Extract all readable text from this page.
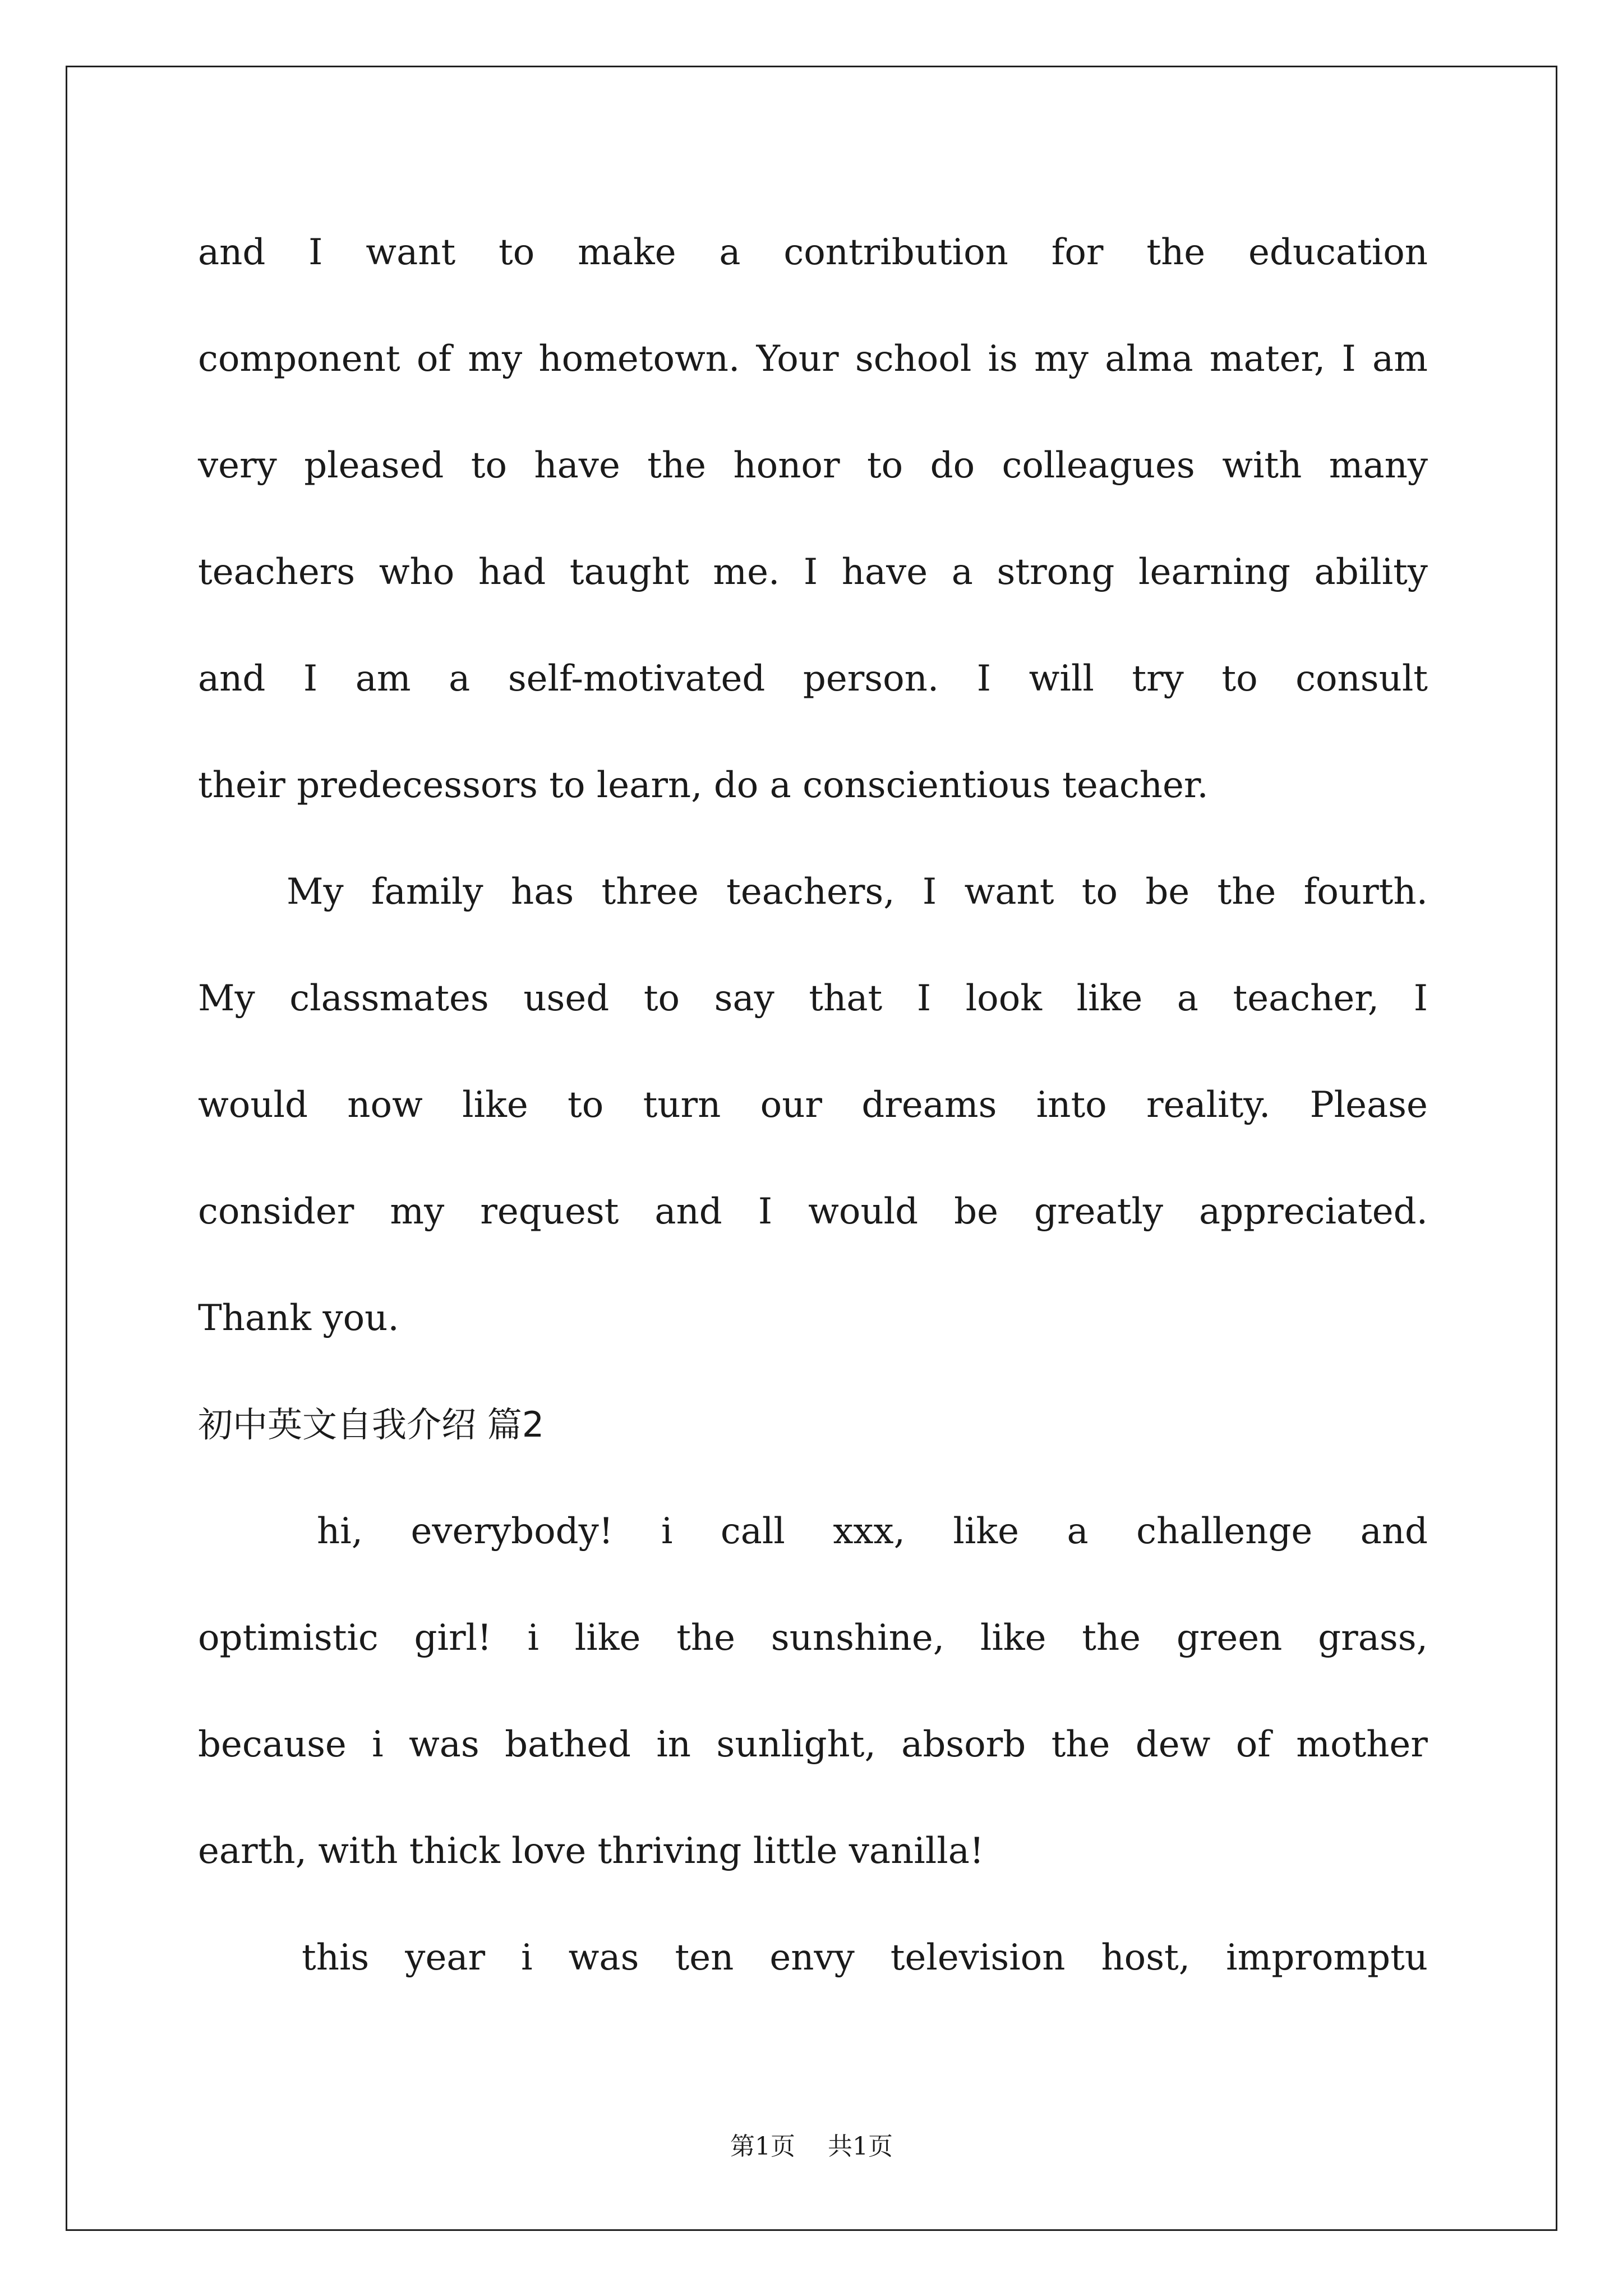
and I want to make a contribution for the education
component of my hometown. Your school is my alma mater, I am
very pleased to have the honor to do colleagues with many
teachers who had taught me. I have a strong learning ability
and I am a self-motivated person. I will try to consult
their predecessors to learn, do a conscientious teacher.
My family has three teachers, I want to be the fourth.
My classmates used to say that I look like a teacher, I
would now like to turn our dreams into reality. Please
consider my request and I would be greatly appreciated.
Thank you.
初中英文自我介绍 篇2
hi, everybody! i call xxx, like a challenge and
optimistic girl! i like the sunshine, like the green grass,
because i was bathed in sunlight, absorb the dew of mother
earth, with thick love thriving little vanilla!
this year i was ten envy television host, impromptu
第1页 共1页
